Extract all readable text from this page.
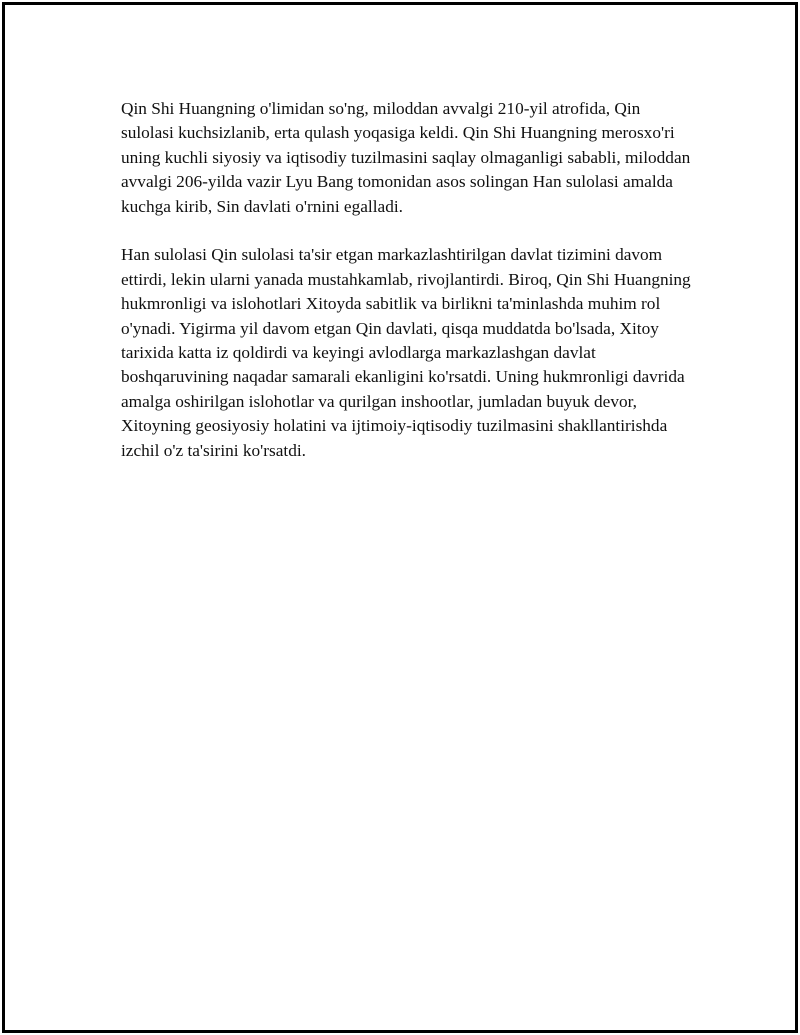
Qin Shi Huangning o'limidan so'ng, miloddan avvalgi 210-yil atrofida, Qin sulolasi kuchsizlanib, erta qulash yoqasiga keldi. Qin Shi Huangning merosxo'ri uning kuchli siyosiy va iqtisodiy tuzilmasini saqlay olmaganligi sababli, miloddan avvalgi 206-yilda vazir Lyu Bang tomonidan asos solingan Han sulolasi amalda kuchga kirib, Sin davlati o'rnini egalladi.

Han sulolasi Qin sulolasi ta'sir etgan markazlashtirilgan davlat tizimini davom ettirdi, lekin ularni yanada mustahkamlab, rivojlantirdi. Biroq, Qin Shi Huangning hukmronligi va islohotlari Xitoyda sabitlik va birlikni ta'minlashda muhim rol o'ynadi. Yigirma yil davom etgan Qin davlati, qisqa muddatda bo'lsada, Xitoy tarixida katta iz qoldirdi va keyingi avlodlarga markazlashgan davlat boshqaruvining naqadar samarali ekanligini ko'rsatdi. Uning hukmronligi davrida amalga oshirilgan islohotlar va qurilgan inshootlar, jumladan buyuk devor, Xitoyning geosiyosiy holatini va ijtimoiy-iqtisodiy tuzilmasini shakllantirishda izchil o'z ta'sirini ko'rsatdi.
